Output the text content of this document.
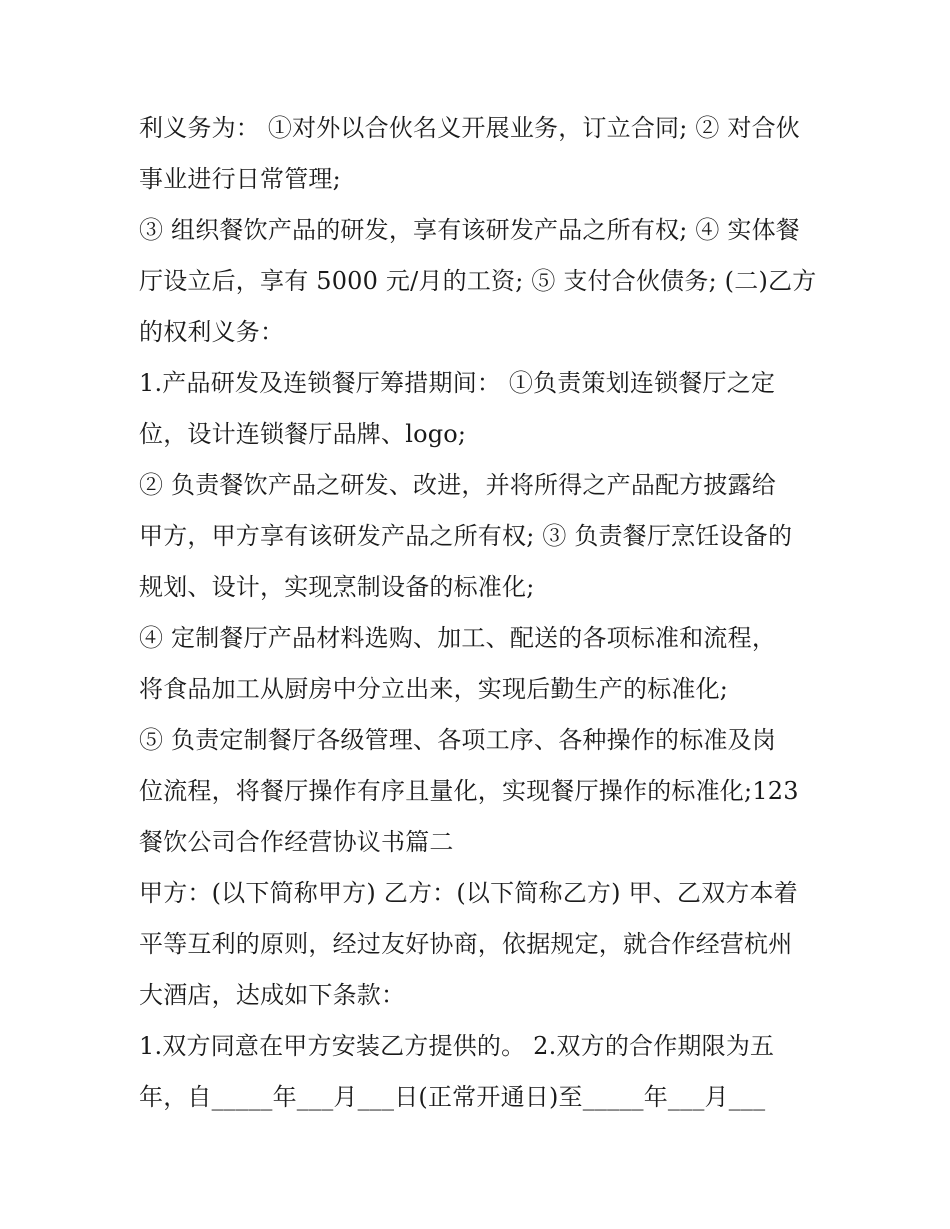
利义务为： ①对外以合伙名义开展业务，订立合同; ② 对合伙
事业进行日常管理;
③ 组织餐饮产品的研发，享有该研发产品之所有权; ④ 实体餐
厅设立后，享有 5000 元/月的工资; ⑤ 支付合伙债务; (二)乙方
的权利义务：
1.产品研发及连锁餐厅筹措期间： ①负责策划连锁餐厅之定
位，设计连锁餐厅品牌、logo;
② 负责餐饮产品之研发、改进，并将所得之产品配方披露给
甲方，甲方享有该研发产品之所有权; ③ 负责餐厅烹饪设备的
规划、设计，实现烹制设备的标准化;
④ 定制餐厅产品材料选购、加工、配送的各项标准和流程，
将食品加工从厨房中分立出来，实现后勤生产的标准化;
⑤ 负责定制餐厅各级管理、各项工序、各种操作的标准及岗
位流程，将餐厅操作有序且量化，实现餐厅操作的标准化;123
餐饮公司合作经营协议书篇二
甲方：(以下简称甲方) 乙方：(以下简称乙方) 甲、乙双方本着
平等互利的原则，经过友好协商，依据规定，就合作经营杭州
大酒店，达成如下条款：
1.双方同意在甲方安装乙方提供的。 2.双方的合作期限为五
年，自_____年___月___日(正常开通日)至_____年___月___
